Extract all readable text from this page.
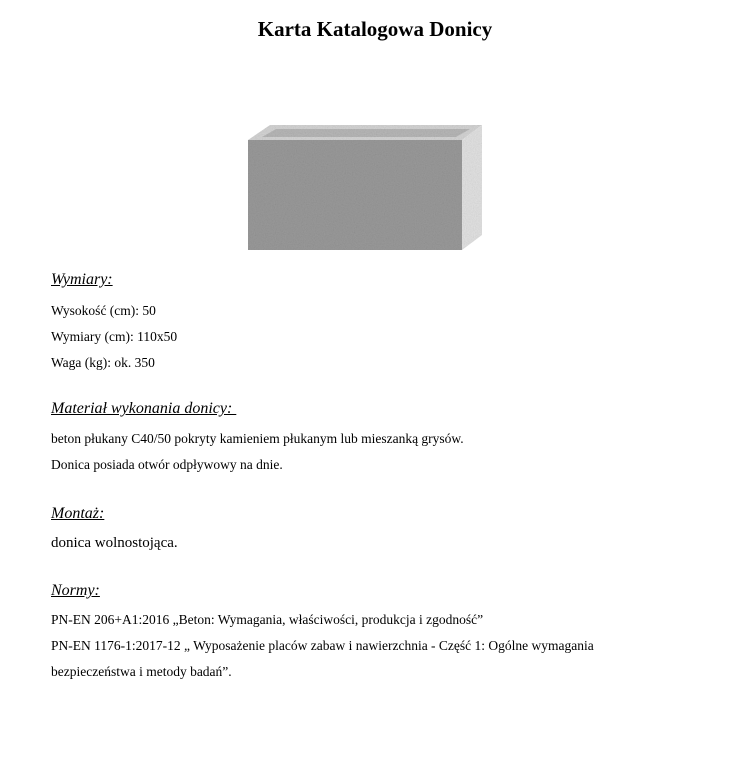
Karta Katalogowa Donicy

Wymiary:

Wysokość (cm): 50

Wymiary (cm): 110x50

Waga (kg): ok. 350

Materiał wykonania donicy:

beton płukany C40/50 pokryty kamieniem płukanym lub mieszanką grysów.

Donica posiada otwór odpływowy na dnie.

Montaż:

donica wolnostojąca.

Normy:

PN-EN 206+A1:2016 „Beton: Wymagania, właściwości, produkcja i zgodność”

PN-EN 1176-1:2017-12 „ Wyposażenie placów zabaw i nawierzchnia - Część 1: Ogólne wymagania

bezpieczeństwa i metody badań”.
